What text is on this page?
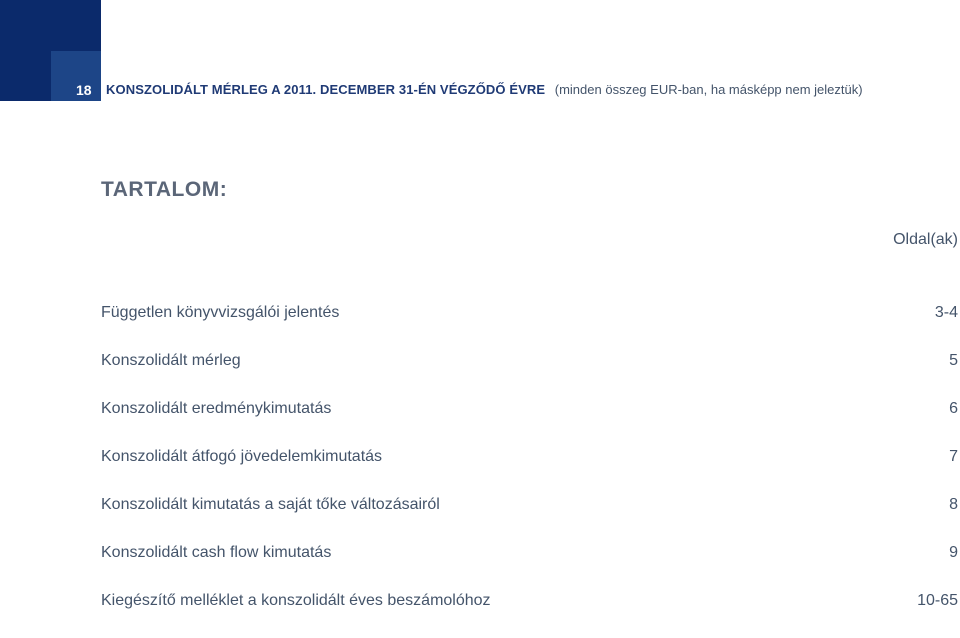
18	KONSZOLIDÁLT MÉRLEG A 2011. DECEMBER 31-ÉN VÉGZŐDŐ ÉVRE (minden összeg EUR-ban, ha másképp nem jeleztük)
TARTALOM:
Oldal(ak)
Független könyvvizsgálói jelentés	3-4
Konszolidált mérleg	5
Konszolidált eredménykimutatás	6
Konszolidált átfogó jövedelemkimutatás	7
Konszolidált kimutatás a saját tőke változásairól	8
Konszolidált cash flow kimutatás	9
Kiegészítő melléklet a konszolidált éves beszámolóhoz	10-65
